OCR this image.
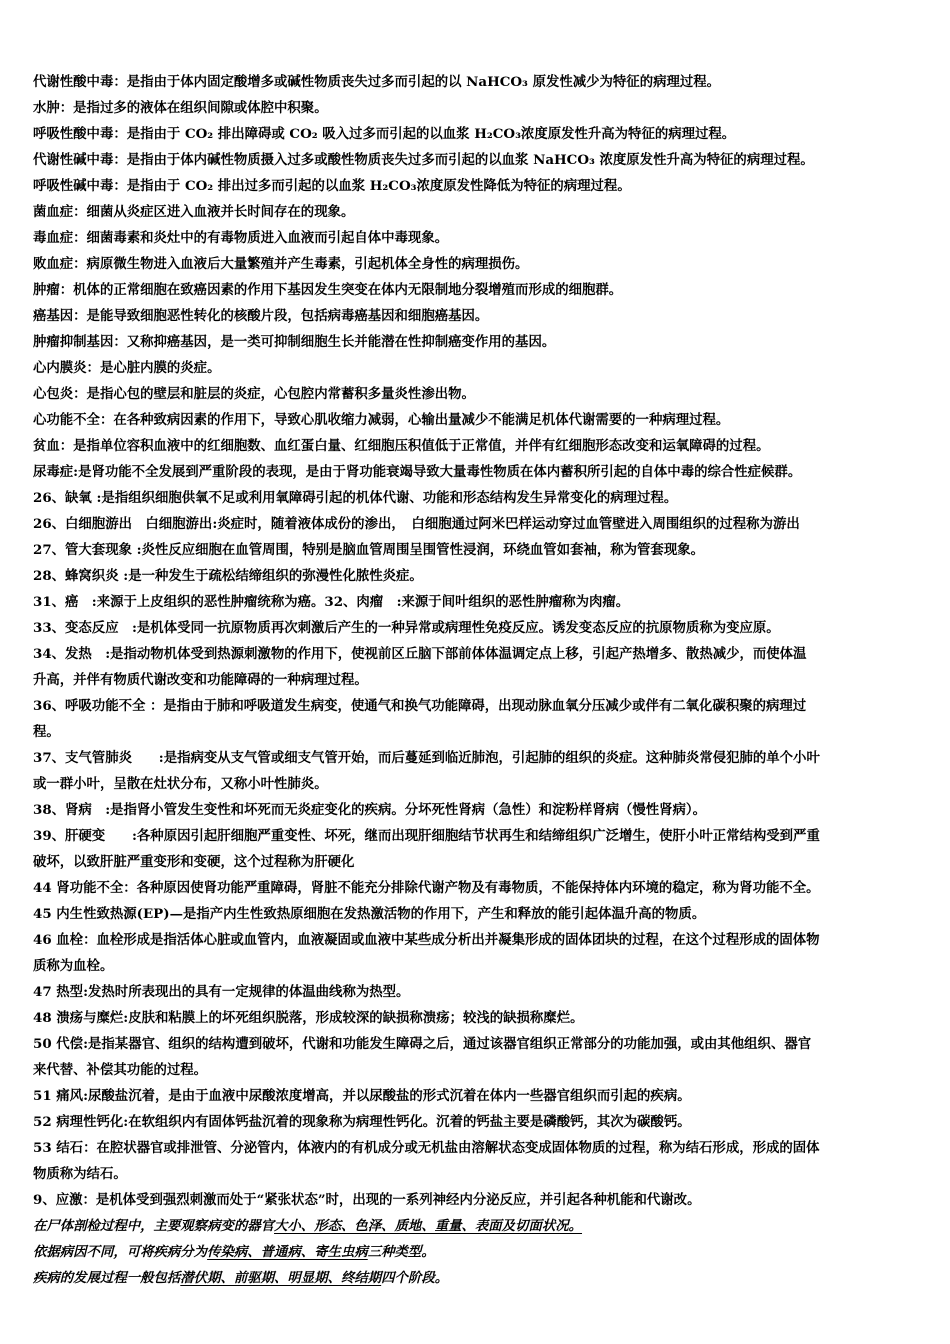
代谢性酸中毒：是指由于体内固定酸增多或碱性物质丧失过多而引起的以 NaHCO₃ 原发性减少为特征的病理过程。
水肿：是指过多的液体在组织间隙或体腔中积聚。
呼吸性酸中毒：是指由于 CO₂ 排出障碍或 CO₂ 吸入过多而引起的以血浆 H₂CO₃浓度原发性升高为特征的病理过程。
代谢性碱中毒：是指由于体内碱性物质摄入过多或酸性物质丧失过多而引起的以血浆 NaHCO₃ 浓度原发性升高为特征的病理过程。
呼吸性碱中毒：是指由于 CO₂ 排出过多而引起的以血浆 H₂CO₃浓度原发性降低为特征的病理过程。
菌血症：细菌从炎症区进入血液并长时间存在的现象。
毒血症：细菌毒素和炎灶中的有毒物质进入血液而引起自体中毒现象。
败血症：病原微生物进入血液后大量繁殖并产生毒素，引起机体全身性的病理损伤。
肿瘤：机体的正常细胞在致癌因素的作用下基因发生突变在体内无限制地分裂增殖而形成的细胞群。
癌基因：是能导致细胞恶性转化的核酸片段，包括病毒癌基因和细胞癌基因。
肿瘤抑制基因：又称抑癌基因，是一类可抑制细胞生长并能潜在性抑制癌变作用的基因。
心内膜炎：是心脏内膜的炎症。
心包炎：是指心包的壁层和脏层的炎症，心包腔内常蓄积多量炎性渗出物。
心功能不全：在各种致病因素的作用下，导致心肌收缩力减弱，心输出量减少不能满足机体代谢需要的一种病理过程。
贫血：是指单位容积血液中的红细胞数、血红蛋白量、红细胞压积值低于正常值，并伴有红细胞形态改变和运氧障碍的过程。
尿毒症:是肾功能不全发展到严重阶段的表现，是由于肾功能衰竭导致大量毒性物质在体内蓄积所引起的自体中毒的综合性症候群。
26、缺氧 :是指组织细胞供氧不足或利用氧障碍引起的机体代谢、功能和形态结构发生异常变化的病理过程。
26、白细胞游出　白细胞游出:炎症时，随着液体成份的渗出，　白细胞通过阿米巴样运动穿过血管壁进入周围组织的过程称为游出
27、管大套现象 :炎性反应细胞在血管周围，特别是脑血管周围呈围管性浸润，环绕血管如套袖，称为管套现象。
28、蜂窝织炎 :是一种发生于疏松结缔组织的弥漫性化脓性炎症。
31、癌　:来源于上皮组织的恶性肿瘤统称为癌。32、肉瘤　:来源于间叶组织的恶性肿瘤称为肉瘤。
33、变态反应　:是机体受同一抗原物质再次刺激后产生的一种异常或病理性免疫反应。诱发变态反应的抗原物质称为变应原。
34、发热　:是指动物机体受到热源刺激物的作用下，使视前区丘脑下部前体体温调定点上移，引起产热增多、散热减少，而使体温
升高，并伴有物质代谢改变和功能障碍的一种病理过程。
36、呼吸功能不全 ：是指由于肺和呼吸道发生病变，使通气和换气功能障碍，出现动脉血氧分压减少或伴有二氧化碳积聚的病理过
程。
37、支气管肺炎　　:是指病变从支气管或细支气管开始，而后蔓延到临近肺泡，引起肺的组织的炎症。这种肺炎常侵犯肺的单个小叶
或一群小叶，呈散在灶状分布，又称小叶性肺炎。
38、肾病　:是指肾小管发生变性和坏死而无炎症变化的疾病。分坏死性肾病（急性）和淀粉样肾病（慢性肾病）。
39、肝硬变　　:各种原因引起肝细胞严重变性、坏死，继而出现肝细胞结节状再生和结缔组织广泛增生，使肝小叶正常结构受到严重
破坏，以致肝脏严重变形和变硬，这个过程称为肝硬化
44 肾功能不全：各种原因使肾功能严重障碍，肾脏不能充分排除代谢产物及有毒物质，不能保持体内环境的稳定，称为肾功能不全。
45 内生性致热源(EP)—是指产内生性致热原细胞在发热激活物的作用下，产生和释放的能引起体温升高的物质。
46 血栓：血栓形成是指活体心脏或血管内，血液凝固或血液中某些成分析出并凝集形成的固体团块的过程，在这个过程形成的固体物
质称为血栓。
47 热型:发热时所表现出的具有一定规律的体温曲线称为热型。
48 溃疡与糜烂:皮肤和粘膜上的坏死组织脱落，形成较深的缺损称溃疡；较浅的缺损称糜烂。
50 代偿:是指某器官、组织的结构遭到破坏，代谢和功能发生障碍之后，通过该器官组织正常部分的功能加强，或由其他组织、器官
来代替、补偿其功能的过程。
51 痛风:尿酸盐沉着，是由于血液中尿酸浓度增高，并以尿酸盐的形式沉着在体内一些器官组织而引起的疾病。
52 病理性钙化:在软组织内有固体钙盐沉着的现象称为病理性钙化。沉着的钙盐主要是磷酸钙，其次为碳酸钙。
53 结石：在腔状器官或排泄管、分泌管内，体液内的有机成分或无机盐由溶解状态变成固体物质的过程，称为结石形成，形成的固体
物质称为结石。
9、应激：是机体受到强烈刺激而处于“紧张状态”时，出现的一系列神经内分泌反应，并引起各种机能和代谢改。
在尸体剖检过程中，主要观察病变的器官大小、形态、色泽、质地、重量、表面及切面状况。
依据病因不同，可将疾病分为传染病、普通病、寄生虫病三种类型。
疾病的发展过程一般包括潜伏期、前驱期、明显期、终结期四个阶段。
